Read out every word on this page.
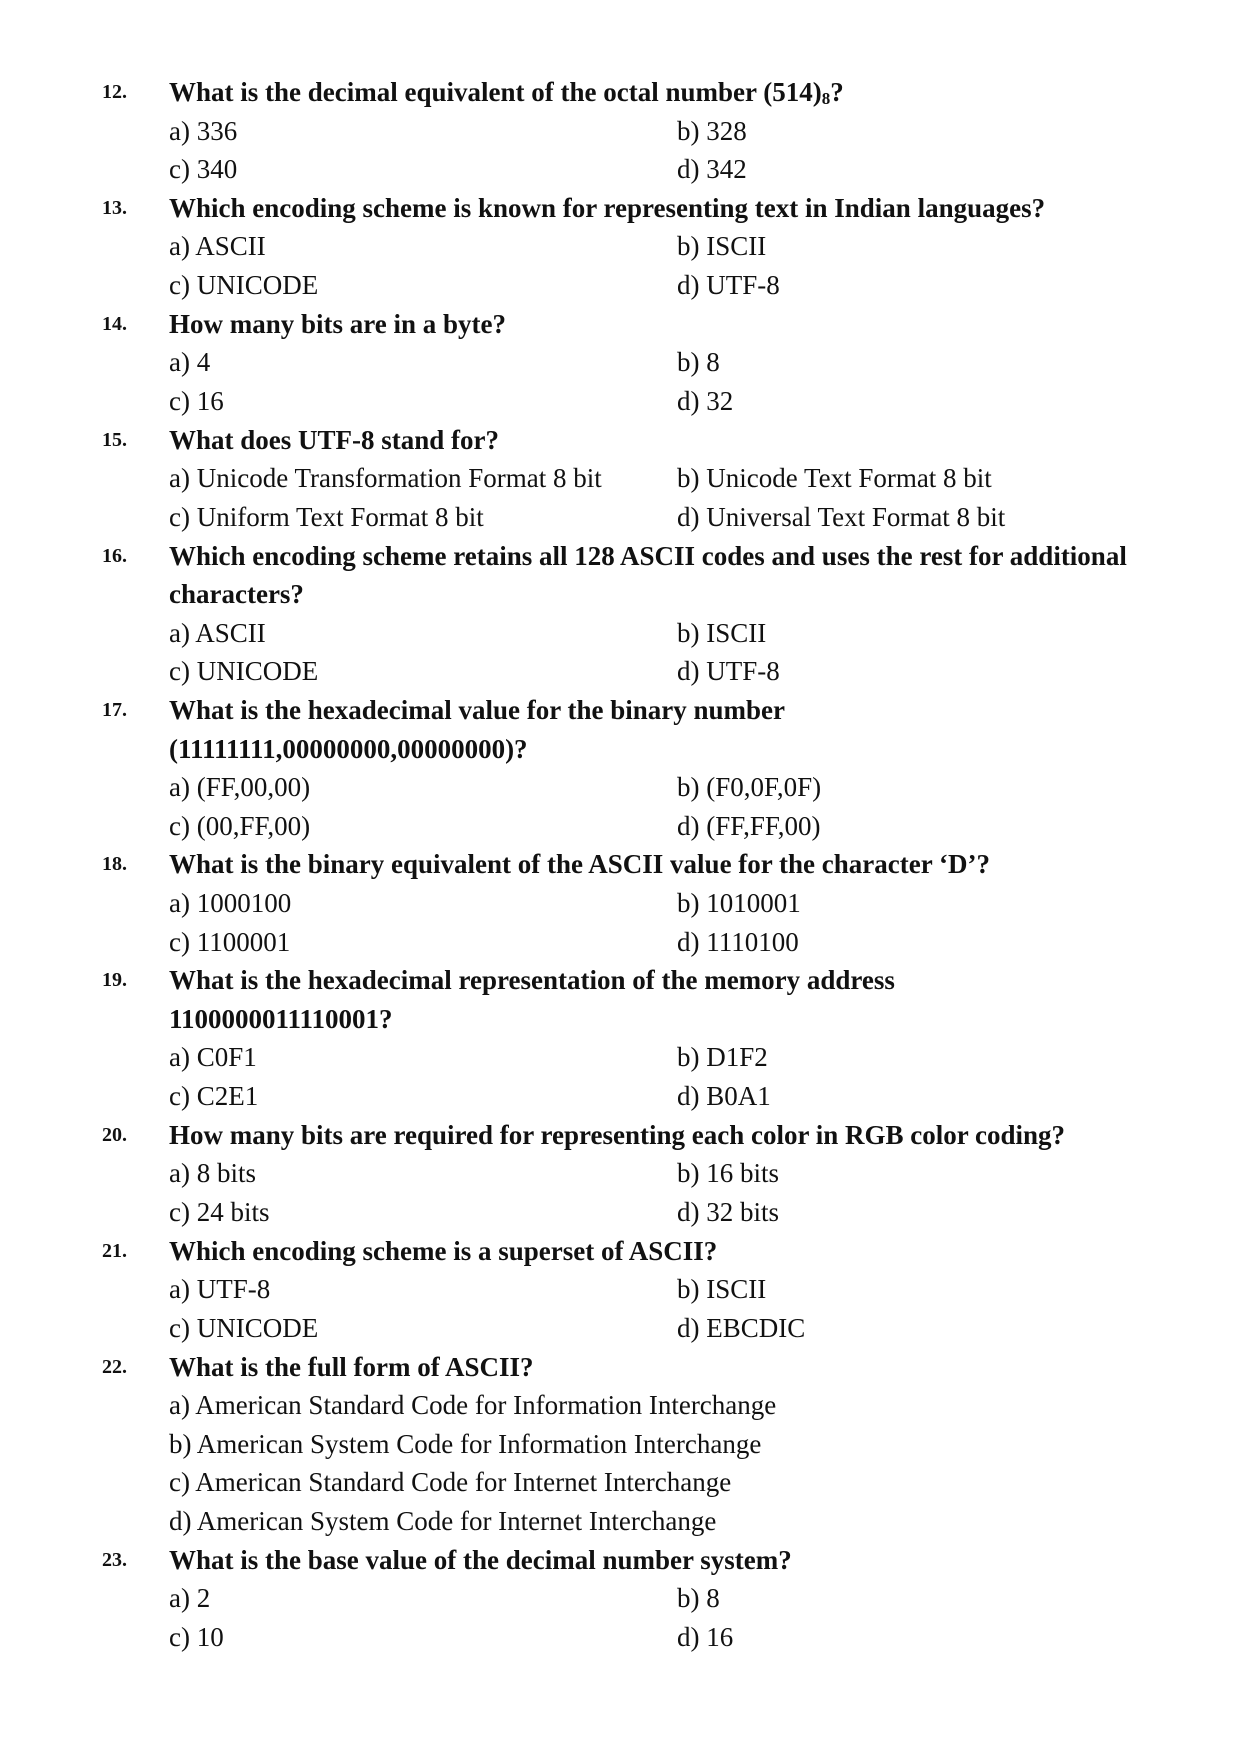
12. What is the decimal equivalent of the octal number $(514)_8$?
a) 336	b) 328
c) 340	d) 342
13. Which encoding scheme is known for representing text in Indian languages?
a) ASCII	b) ISCII
c) UNICODE	d) UTF-8
14. How many bits are in a byte?
a) 4	b) 8
c) 16	d) 32
15. What does UTF-8 stand for?
a) Unicode Transformation Format 8 bit	b) Unicode Text Format 8 bit
c) Uniform Text Format 8 bit	d) Universal Text Format 8 bit
16. Which encoding scheme retains all 128 ASCII codes and uses the rest for additional characters?
a) ASCII	b) ISCII
c) UNICODE	d) UTF-8
17. What is the hexadecimal value for the binary number (11111111,00000000,00000000)?
a) (FF,00,00)	b) (F0,0F,0F)
c) (00,FF,00)	d) (FF,FF,00)
18. What is the binary equivalent of the ASCII value for the character ‘D’?
a) 1000100	b) 1010001
c) 1100001	d) 1110100
19. What is the hexadecimal representation of the memory address 1100000011110001?
a) C0F1	b) D1F2
c) C2E1	d) B0A1
20. How many bits are required for representing each color in RGB color coding?
a) 8 bits	b) 16 bits
c) 24 bits	d) 32 bits
21. Which encoding scheme is a superset of ASCII?
a) UTF-8	b) ISCII
c) UNICODE	d) EBCDIC
22. What is the full form of ASCII?
a) American Standard Code for Information Interchange
b) American System Code for Information Interchange
c) American Standard Code for Internet Interchange
d) American System Code for Internet Interchange
23. What is the base value of the decimal number system?
a) 2	b) 8
c) 10	d) 16
